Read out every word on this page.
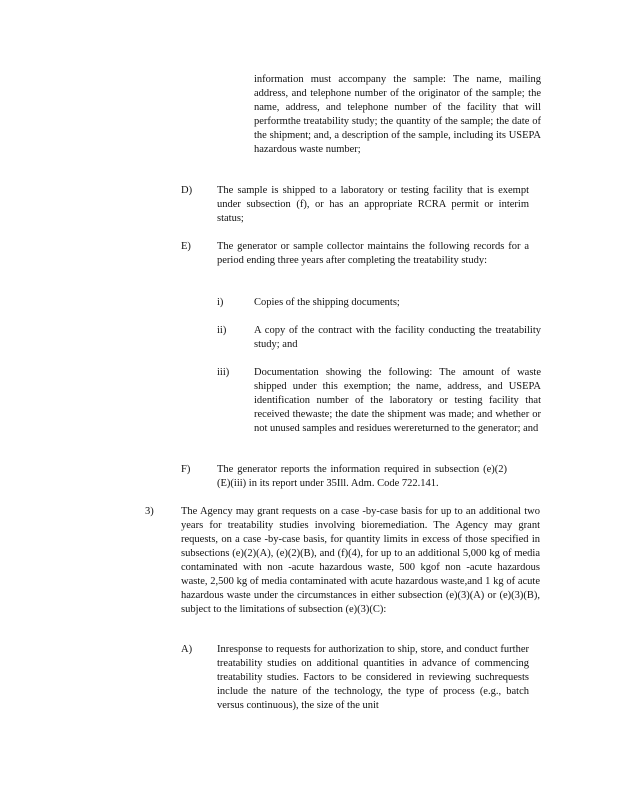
information must accompany the sample: The name, mailing address, and telephone number of the originator of the sample; the name, address, and telephone number of the facility that will performthe treatability study; the quantity of the sample; the date of the shipment; and, a description of the sample, including its USEPA hazardous waste number;

D) The sample is shipped to a laboratory or testing facility that is exempt under subsection (f), or has an appropriate RCRA permit or interim status;

E) The generator or sample collector maintains the following records for a period ending three years after completing the treatability study:

i)	Copies of the shipping documents;

ii)	A copy of the contract with the facility conducting the treatability study; and

iii) Documentation showing the following: The amount of waste shipped under this exemption; the name, address, and USEPA identification number of the laboratory or testing facility that received thewaste; the date the shipment was made; and whether or not unused samples and residues werereturned to the generator; and

F)	The generator reports the information required in subsection (e)(2)(E)(iii) in its report under 35Ill. Adm. Code 722.141.

3)	The Agency may grant requests on a case -by-case basis for up to an additional two years for treatability studies involving bioremediation. The Agency may grant requests, on a case -by-case basis, for quantity limits in excess of those specified in subsections (e)(2)(A), (e)(2)(B), and (f)(4), for up to an additional 5,000 kg of media contaminated with non -acute hazardous waste, 500 kgof non -acute hazardous waste, 2,500 kg of media contaminated with acute hazardous waste,and 1 kg of acute hazardous waste under the circumstances in either subsection (e)(3)(A) or (e)(3)(B), subject to the limitations of subsection (e)(3)(C):

A) Inresponse to requests for authorization to ship, store, and conduct further treatability studies on additional quantities in advance of commencing treatability studies. Factors to be considered in reviewing suchrequests include the nature of the technology, the type of process (e.g., batch versus continuous), the size of the unit
